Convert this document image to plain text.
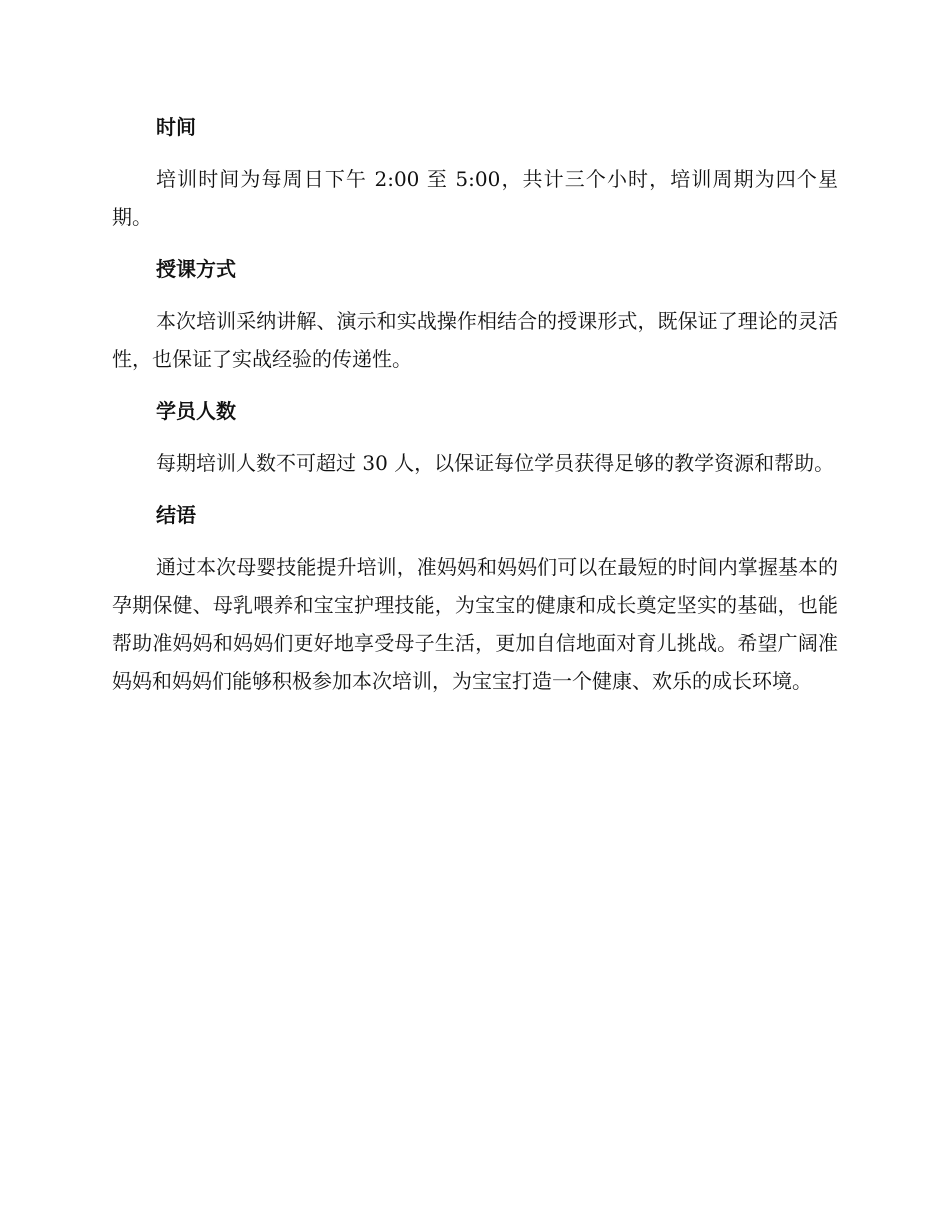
时间

培训时间为每周日下午 2:00 至 5:00，共计三个小时，培训周期为四个星期。

授课方式

本次培训采纳讲解、演示和实战操作相结合的授课形式，既保证了理论的灵活性，也保证了实战经验的传递性。

学员人数

每期培训人数不可超过 30 人，以保证每位学员获得足够的教学资源和帮助。

结语

通过本次母婴技能提升培训，准妈妈和妈妈们可以在最短的时间内掌握基本的孕期保健、母乳喂养和宝宝护理技能，为宝宝的健康和成长奠定坚实的基础，也能帮助准妈妈和妈妈们更好地享受母子生活，更加自信地面对育儿挑战。希望广阔准妈妈和妈妈们能够积极参加本次培训，为宝宝打造一个健康、欢乐的成长环境。
